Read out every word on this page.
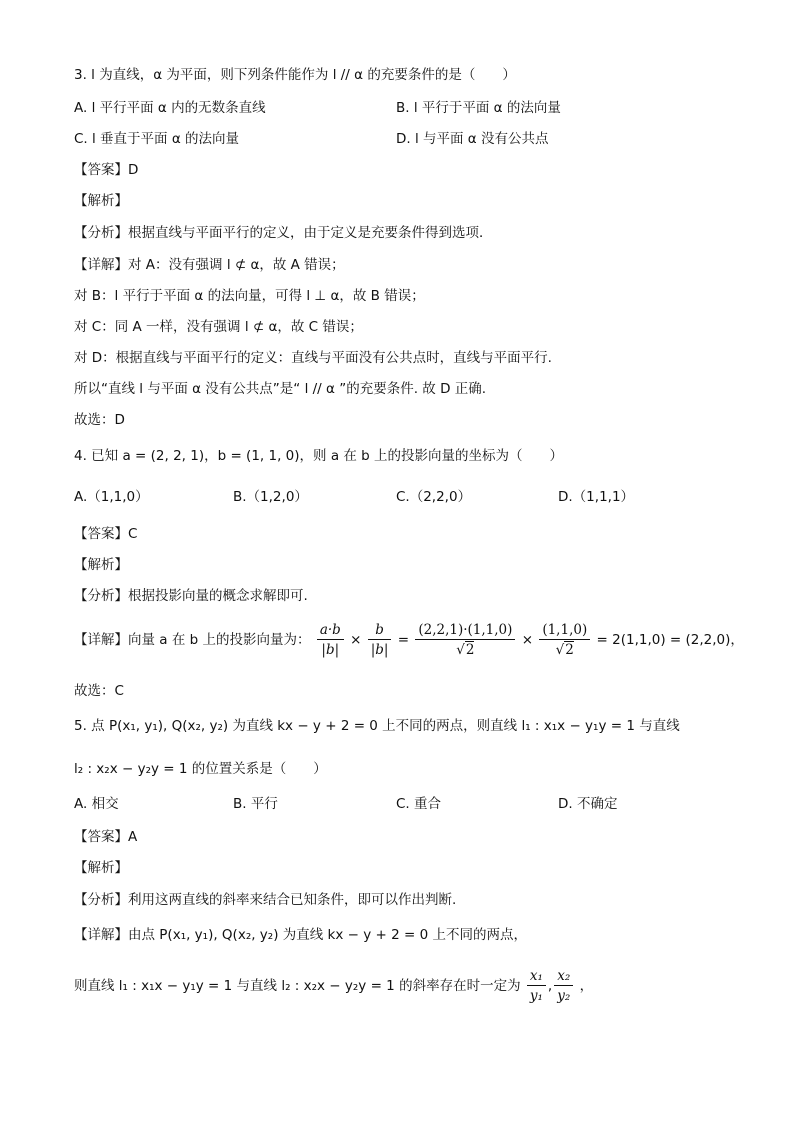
3. l 为直线，α 为平面，则下列条件能作为 l // α 的充要条件的是（　　）
A. l 平行平面 α 内的无数条直线	B. l 平行于平面 α 的法向量
C. l 垂直于平面 α 的法向量	D. l 与平面 α 没有公共点
【答案】D
【解析】
【分析】根据直线与平面平行的定义，由于定义是充要条件得到选项．
【详解】对 A：没有强调 l ⊄ α，故 A 错误；
对 B：l 平行于平面 α 的法向量，可得 l ⊥ α，故 B 错误；
对 C：同 A 一样，没有强调 l ⊄ α，故 C 错误；
对 D：根据直线与平面平行的定义：直线与平面没有公共点时，直线与平面平行.
所以“直线 l 与平面 α 没有公共点”是“ l // α ”的充要条件. 故 D 正确.
故选：D
4. 已知 a = (2, 2, 1)，b = (1, 1, 0)，则 a 在 b 上的投影向量的坐标为（　　）
A.（1,1,0）	B.（1,2,0）	C.（2,2,0）	D.（1,1,1）
【答案】C
【解析】
【分析】根据投影向量的概念求解即可.
【详解】向量 a 在 b 上的投影向量为： $\frac{a\cdot b}{|b|} \times \frac{b}{|b|} = \frac{(2,2,1)\cdot(1,1,0)}{√2} \times \frac{(1,1,0)}{√2} = 2(1,1,0) = (2,2,0)$，
故选：C
5. 点 P(x₁, y₁), Q(x₂, y₂) 为直线 kx − y + 2 = 0 上不同的两点，则直线 l₁ : x₁x − y₁y = 1 与直线
l₂ : x₂x − y₂y = 1 的位置关系是（　　）
A. 相交	B. 平行	C. 重合	D. 不确定
【答案】A
【解析】
【分析】利用这两直线的斜率来结合已知条件，即可以作出判断.
【详解】由点 P(x₁, y₁), Q(x₂, y₂) 为直线 kx − y + 2 = 0 上不同的两点，
则直线 l₁ : x₁x − y₁y = 1 与直线 l₂ : x₂x − y₂y = 1 的斜率存在时一定为 $\frac{\text{x₁}}{\text{y₁}}$ , $\frac{\text{x₂}}{\text{y₂}}$ ，
